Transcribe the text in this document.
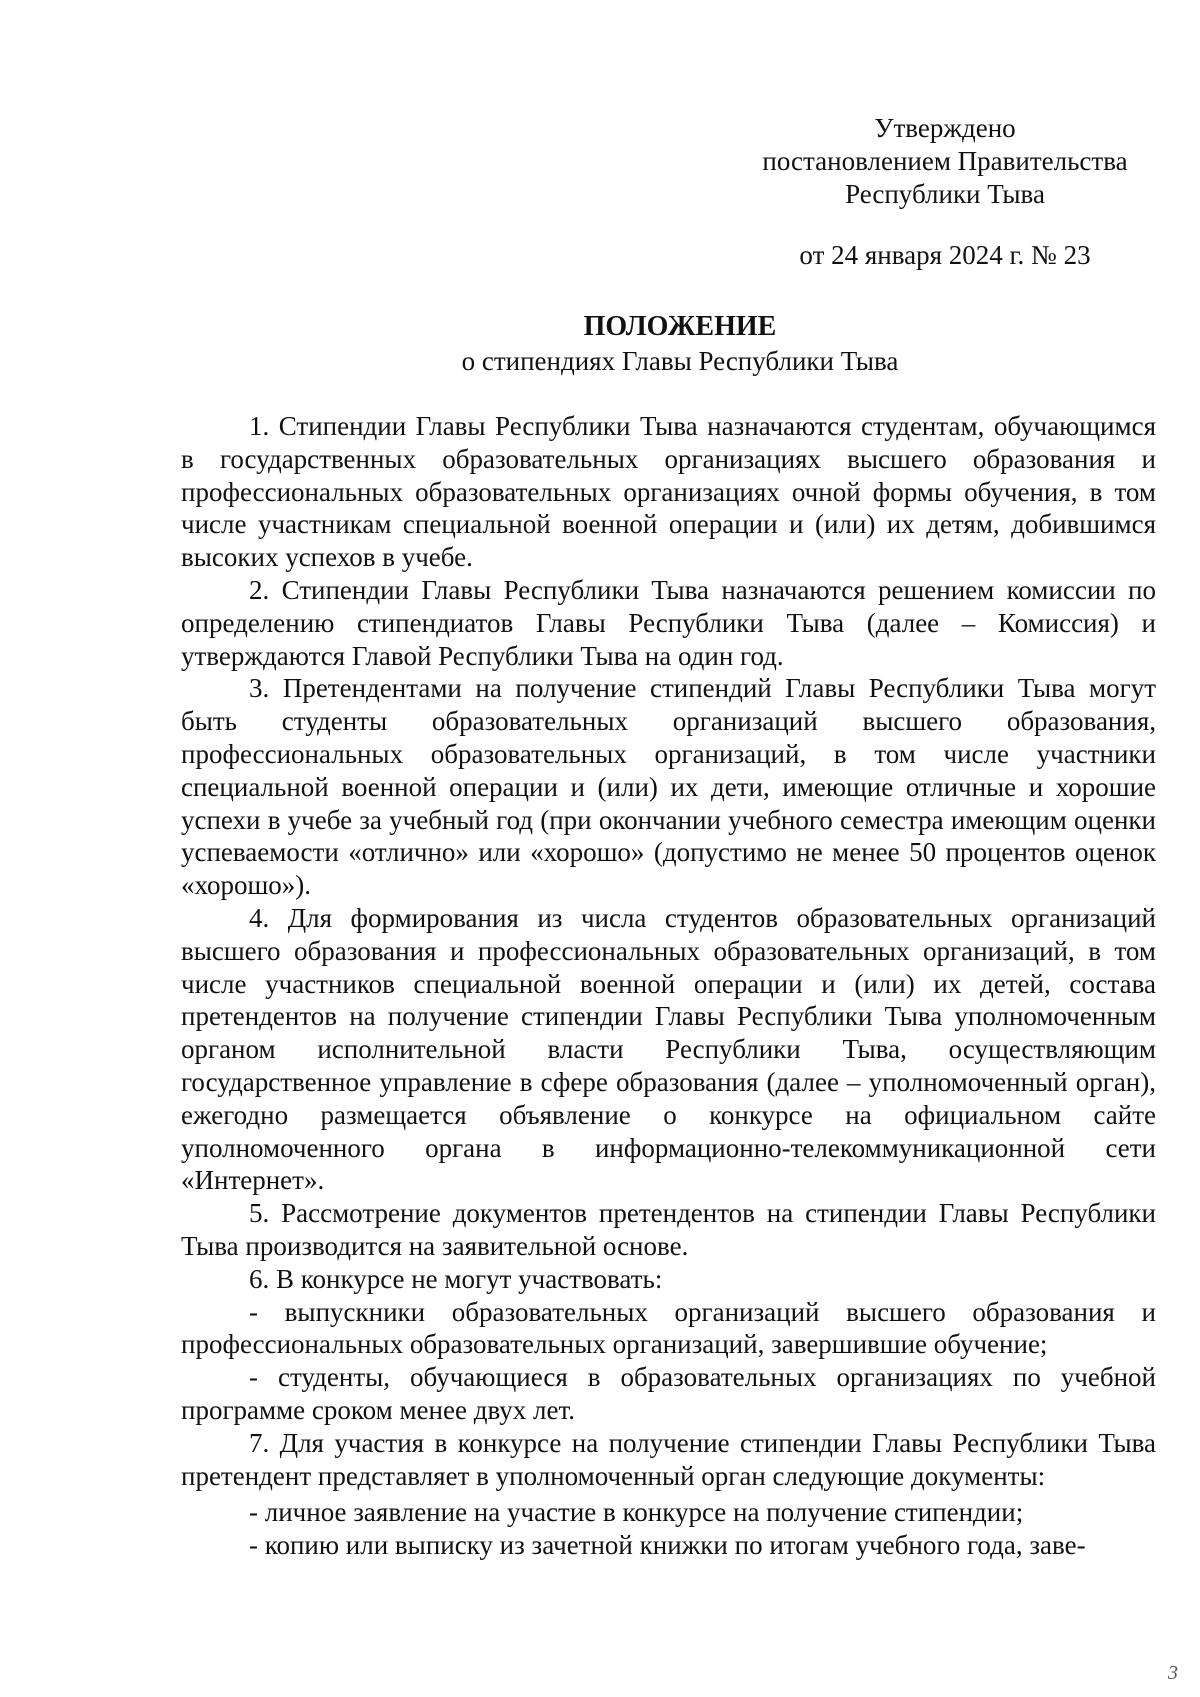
Утверждено
постановлением Правительства
Республики Тыва
от 24 января 2024 г. № 23
ПОЛОЖЕНИЕ
о стипендиях Главы Республики Тыва

1. Стипендии Главы Республики Тыва назначаются студентам, обучающимся в государственных образовательных организациях высшего образования и профессиональных образовательных организациях очной формы обучения, в том числе участникам специальной военной операции и (или) их детям, добившимся высоких успехов в учебе.

2. Стипендии Главы Республики Тыва назначаются решением комиссии по определению стипендиатов Главы Республики Тыва (далее – Комиссия) и утверждаются Главой Республики Тыва на один год.

3. Претендентами на получение стипендий Главы Республики Тыва могут быть студенты образовательных организаций высшего образования, профессиональных образовательных организаций, в том числе участники специальной военной операции и (или) их дети, имеющие отличные и хорошие успехи в учебе за учебный год (при окончании учебного семестра имеющим оценки успеваемости «отлично» или «хорошо» (допустимо не менее 50 процентов оценок «хорошо»).

4. Для формирования из числа студентов образовательных организаций высшего образования и профессиональных образовательных организаций, в том числе участников специальной военной операции и (или) их детей, состава претендентов на получение стипендии Главы Республики Тыва уполномоченным органом исполнительной власти Республики Тыва, осуществляющим государственное управление в сфере образования (далее – уполномоченный орган), ежегодно размещается объявление о конкурсе на официальном сайте уполномоченного органа в информационно-телекоммуникационной сети «Интернет».

5. Рассмотрение документов претендентов на стипендии Главы Республики Тыва производится на заявительной основе.

6. В конкурсе не могут участвовать:

- выпускники образовательных организаций высшего образования и профессиональных образовательных организаций, завершившие обучение;

- студенты, обучающиеся в образовательных организациях по учебной программе сроком менее двух лет.

7. Для участия в конкурсе на получение стипендии Главы Республики Тыва претендент представляет в уполномоченный орган следующие документы:

- личное заявление на участие в конкурсе на получение стипендии;

- копию или выписку из зачетной книжки по итогам учебного года, заве-

3
